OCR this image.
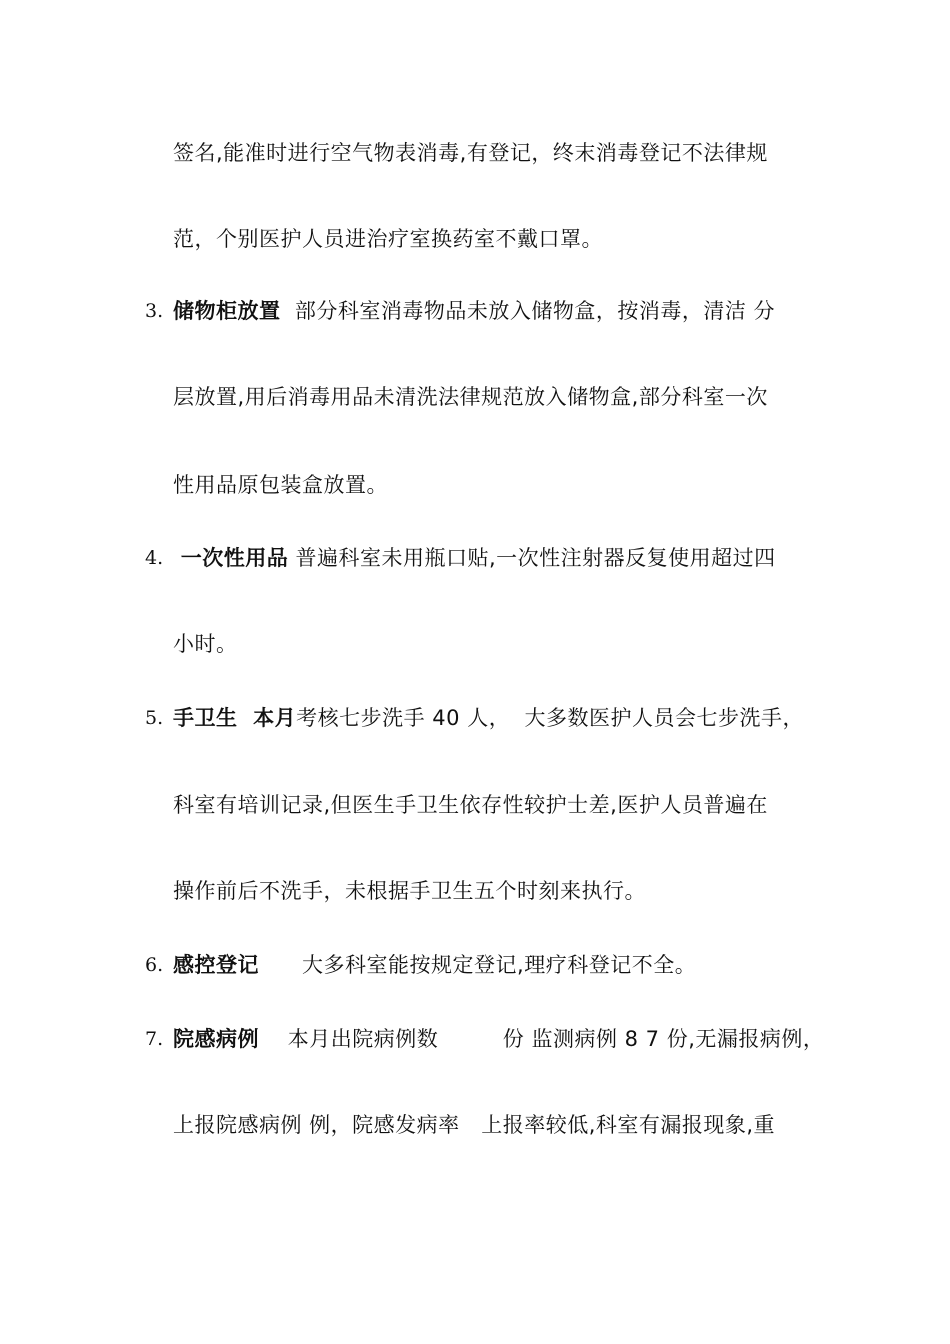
签名,能准时进行空气物表消毒,有登记，终末消毒登记不法律规
范，个别医护人员进治疗室换药室不戴口罩。
3. 储物柜放置  部分科室消毒物品未放入储物盒，按消毒，清洁 分
层放置,用后消毒用品未清洗法律规范放入储物盒,部分科室一次
性用品原包装盒放置。
4. 一次性用品 普遍科室未用瓶口贴,一次性注射器反复使用超过四
小时。
5. 手卫生  本月考核七步洗手 40 人，  大多数医护人员会七步洗手，
科室有培训记录,但医生手卫生依存性较护士差,医护人员普遍在
操作前后不洗手，未根据手卫生五个时刻来执行。
6. 感控登记      大多科室能按规定登记,理疗科登记不全。
7. 院感病例    本月出院病例数         份 监测病例 8 7 份,无漏报病例，
上报院感病例 例，院感发病率   上报率较低,科室有漏报现象,重
